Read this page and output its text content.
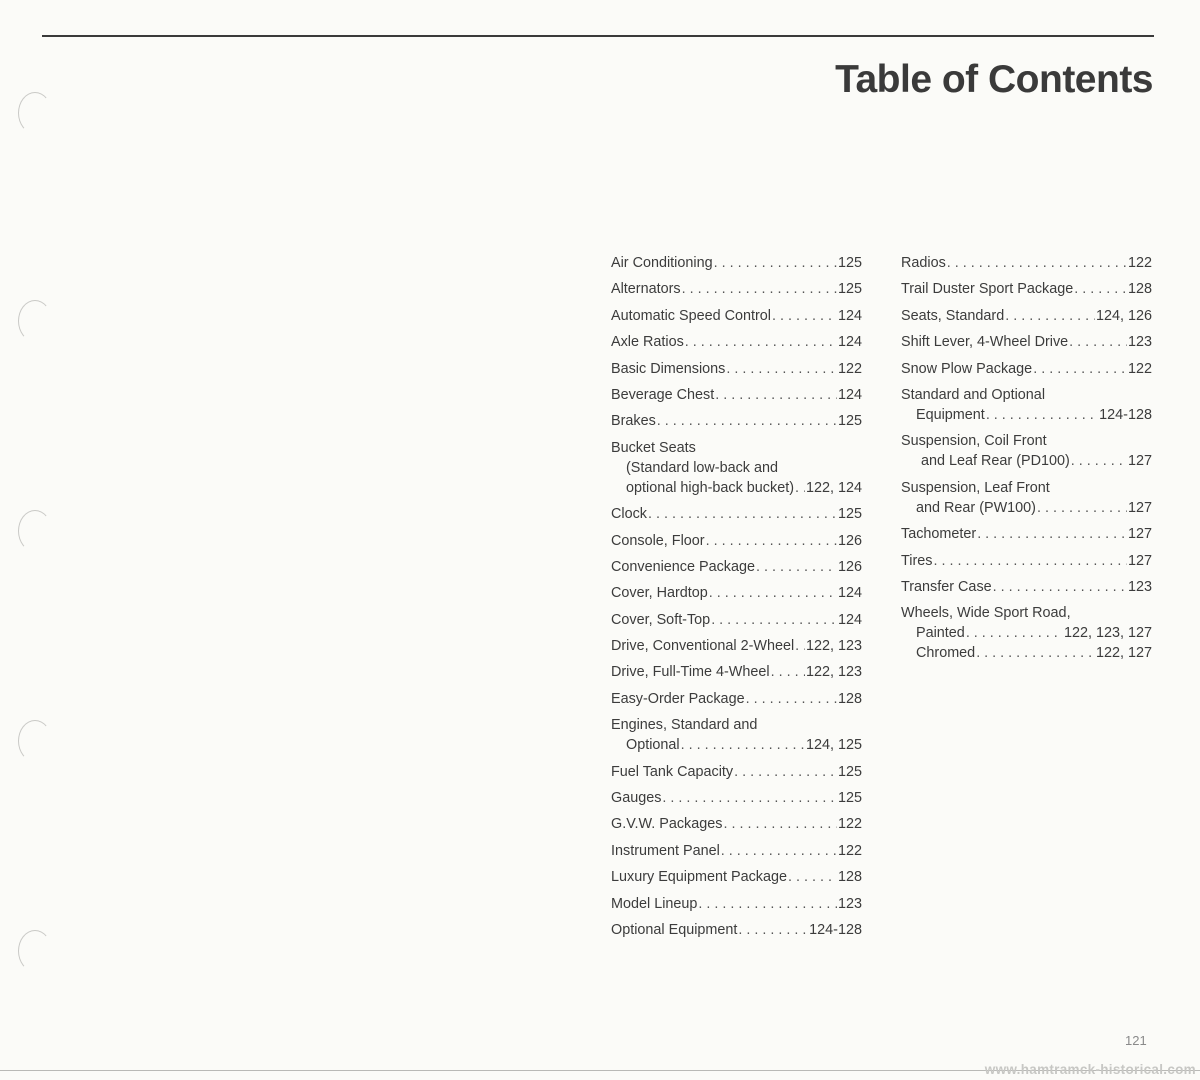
Table of Contents
Air Conditioning . . .	125
Alternators . . .	125
Automatic Speed Control . . .	124
Axle Ratios . . .	124
Basic Dimensions . . .	122
Beverage Chest . . .	124
Brakes . . .	125
Bucket Seats
(Standard low-back and
optional high-back bucket) . . . 122, 124
Clock . . .	125
Console, Floor . . .	126
Convenience Package . . .	126
Cover, Hardtop . . .	124
Cover, Soft-Top . . .	124
Drive, Conventional 2-Wheel . . . 122, 123
Drive, Full-Time 4-Wheel . . .	122, 123
Easy-Order Package . . .	128
Engines, Standard and
Optional . . .	124, 125
Fuel Tank Capacity . . .	125
Gauges . . .	125
G.V.W. Packages . . .	122
Instrument Panel . . .	122
Luxury Equipment Package . . .	128
Model Lineup . . .	123
Optional Equipment . . .	124-128
Radios . . .	122
Trail Duster Sport Package . . .	128
Seats, Standard . . .	124, 126
Shift Lever, 4-Wheel Drive . . .	123
Snow Plow Package . . .	122
Standard and Optional
Equipment . . .	124-128
Suspension, Coil Front
and Leaf Rear (PD100) . . .	127
Suspension, Leaf Front
and Rear (PW100) . . .	127
Tachometer . . .	127
Tires . . .	127
Transfer Case . . .	123
Wheels, Wide Sport Road,
Painted . . .	122, 123, 127
Chromed . . .	122, 127
121
www.hamtramck-historical.com
